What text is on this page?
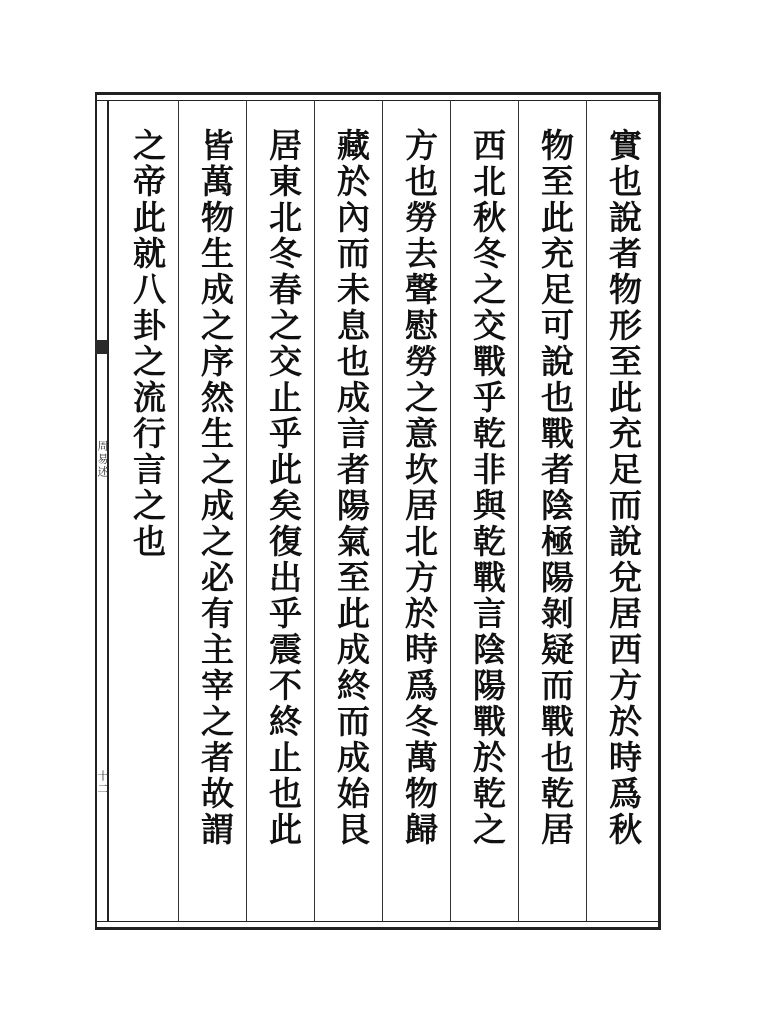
周易述
十二	實也說者物形至此充足而說兌居西方於時爲秋
物至此充足可說也戰者陰極陽剝疑而戰也乾居
西北秋冬之交戰乎乾非與乾戰言陰陽戰於乾之
方也勞去聲慰勞之意坎居北方於時爲冬萬物歸
藏於內而未息也成言者陽氣至此成終而成始艮
居東北冬春之交止乎此矣復出乎震不終止也此
皆萬物生成之序然生之成之必有主宰之者故謂
之帝此就八卦之流行言之也
